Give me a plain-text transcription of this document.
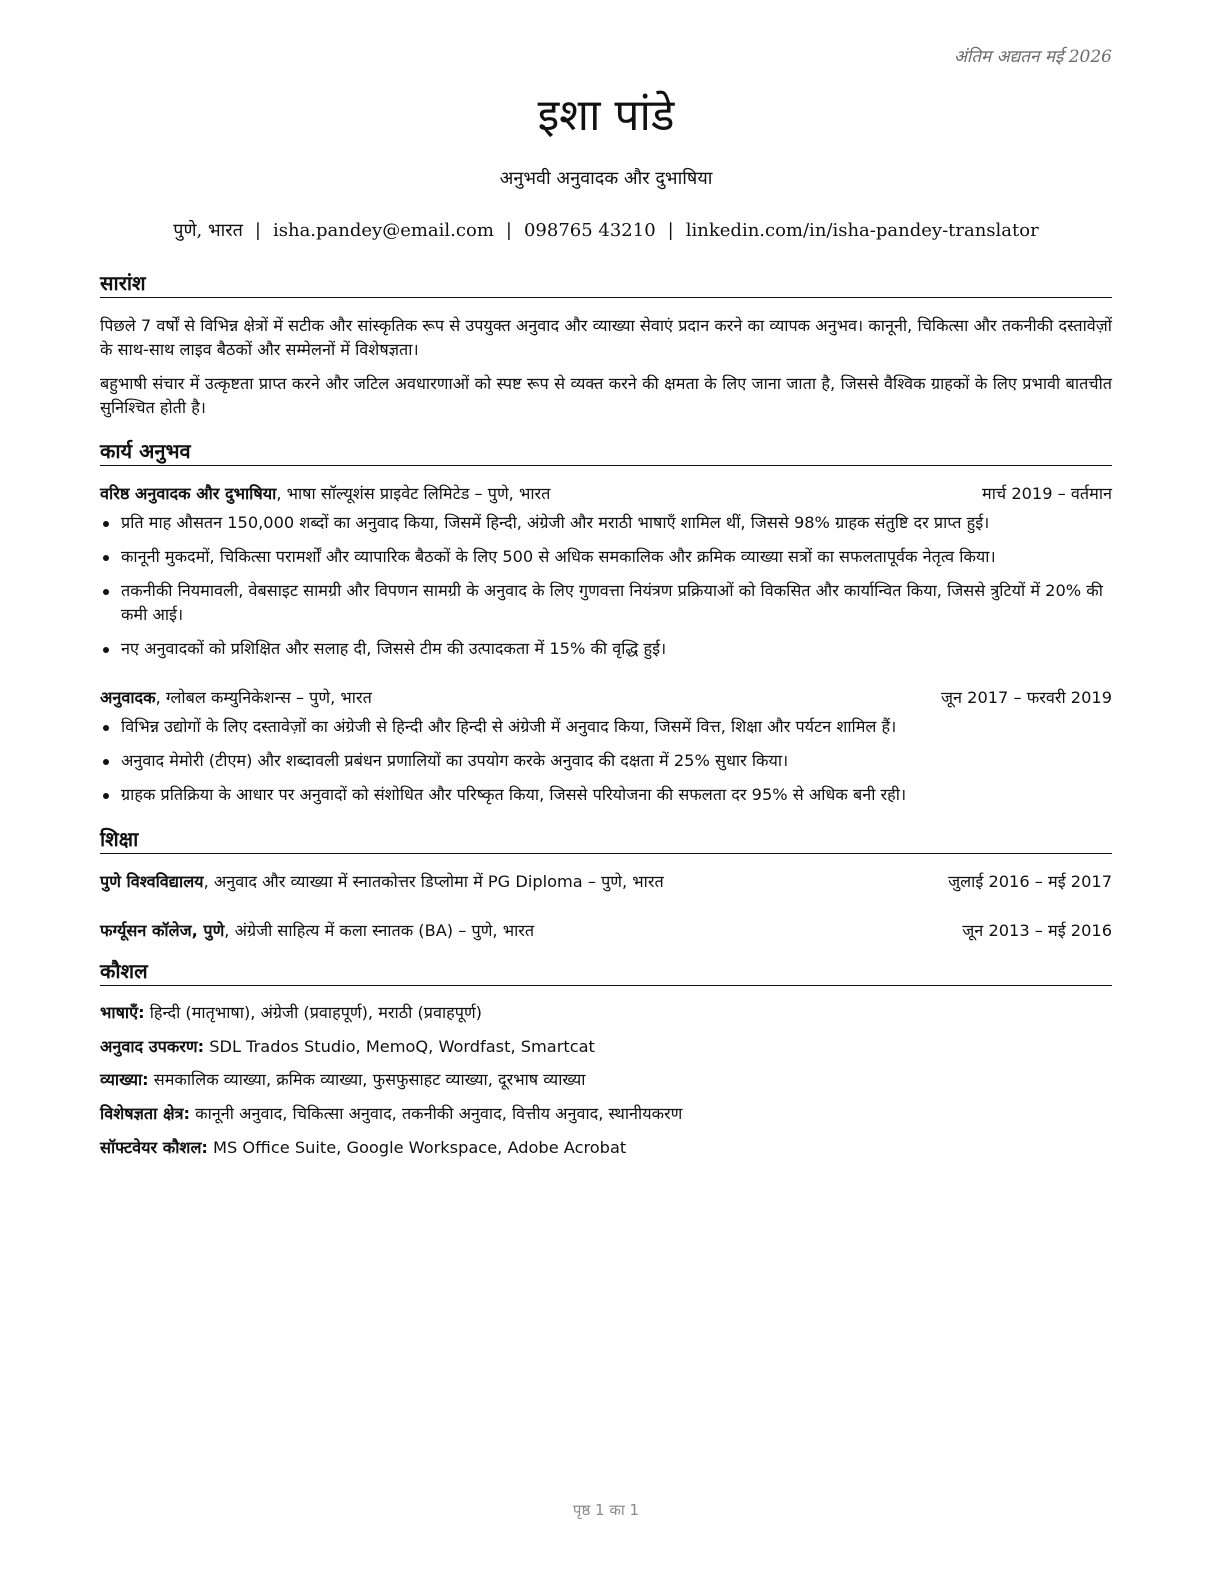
अंतिम अद्यतन मई 2026
इशा पांडे
अनुभवी अनुवादक और दुभाषिया
पुणे, भारत | isha.pandey@email.com | 098765 43210 | linkedin.com/in/isha-pandey-translator
सारांश
पिछले 7 वर्षों से विभिन्न क्षेत्रों में सटीक और सांस्कृतिक रूप से उपयुक्त अनुवाद और व्याख्या सेवाएं प्रदान करने का व्यापक अनुभव। कानूनी, चिकित्सा और तकनीकी दस्तावेज़ों के साथ-साथ लाइव बैठकों और सम्मेलनों में विशेषज्ञता।
बहुभाषी संचार में उत्कृष्टता प्राप्त करने और जटिल अवधारणाओं को स्पष्ट रूप से व्यक्त करने की क्षमता के लिए जाना जाता है, जिससे वैश्विक ग्राहकों के लिए प्रभावी बातचीत सुनिश्चित होती है।
कार्य अनुभव
वरिष्ठ अनुवादक और दुभाषिया, भाषा सॉल्यूशंस प्राइवेट लिमिटेड – पुणे, भारत	मार्च 2019 – वर्तमान
प्रति माह औसतन 150,000 शब्दों का अनुवाद किया, जिसमें हिन्दी, अंग्रेजी और मराठी भाषाएँ शामिल थीं, जिससे 98% ग्राहक संतुष्टि दर प्राप्त हुई।
कानूनी मुकदमों, चिकित्सा परामर्शों और व्यापारिक बैठकों के लिए 500 से अधिक समकालिक और क्रमिक व्याख्या सत्रों का सफलतापूर्वक नेतृत्व किया।
तकनीकी नियमावली, वेबसाइट सामग्री और विपणन सामग्री के अनुवाद के लिए गुणवत्ता नियंत्रण प्रक्रियाओं को विकसित और कार्यान्वित किया, जिससे त्रुटियों में 20% की कमी आई।
नए अनुवादकों को प्रशिक्षित और सलाह दी, जिससे टीम की उत्पादकता में 15% की वृद्धि हुई।
अनुवादक, ग्लोबल कम्युनिकेशन्स – पुणे, भारत	जून 2017 – फरवरी 2019
विभिन्न उद्योगों के लिए दस्तावेज़ों का अंग्रेजी से हिन्दी और हिन्दी से अंग्रेजी में अनुवाद किया, जिसमें वित्त, शिक्षा और पर्यटन शामिल हैं।
अनुवाद मेमोरी (टीएम) और शब्दावली प्रबंधन प्रणालियों का उपयोग करके अनुवाद की दक्षता में 25% सुधार किया।
ग्राहक प्रतिक्रिया के आधार पर अनुवादों को संशोधित और परिष्कृत किया, जिससे परियोजना की सफलता दर 95% से अधिक बनी रही।
शिक्षा
पुणे विश्वविद्यालय, अनुवाद और व्याख्या में स्नातकोत्तर डिप्लोमा में PG Diploma – पुणे, भारत	जुलाई 2016 – मई 2017
फर्ग्यूसन कॉलेज, पुणे, अंग्रेजी साहित्य में कला स्नातक (BA) – पुणे, भारत	जून 2013 – मई 2016
कौशल
भाषाएँ: हिन्दी (मातृभाषा), अंग्रेजी (प्रवाहपूर्ण), मराठी (प्रवाहपूर्ण)
अनुवाद उपकरण: SDL Trados Studio, MemoQ, Wordfast, Smartcat
व्याख्या: समकालिक व्याख्या, क्रमिक व्याख्या, फुसफुसाहट व्याख्या, दूरभाष व्याख्या
विशेषज्ञता क्षेत्र: कानूनी अनुवाद, चिकित्सा अनुवाद, तकनीकी अनुवाद, वित्तीय अनुवाद, स्थानीयकरण
सॉफ्टवेयर कौशल: MS Office Suite, Google Workspace, Adobe Acrobat
पृष्ठ 1 का 1
